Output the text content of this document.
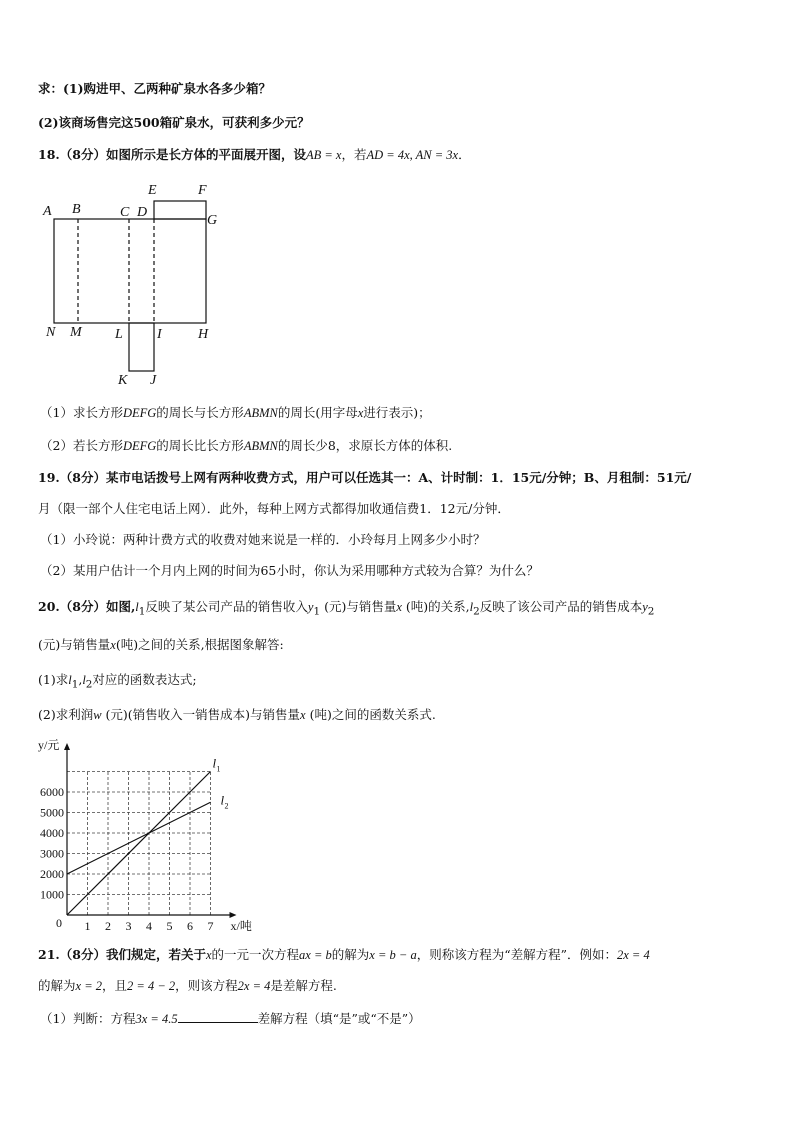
求：(1)购进甲、乙两种矿泉水各多少箱？
(2)该商场售完这500箱矿泉水，可获利多少元？
18.（8分）如图所示是长方体的平面展开图，设AB = x，若AD = 4x, AN = 3x．
A B	C D
E	F
G
H
I
J
K
L
M
N
（1）求长方形DEFG的周长与长方形ABMN的周长(用字母x进行表示)；
（2）若长方形DEFG的周长比长方形ABMN的周长少8，求原长方体的体积.
19.（8分）某市电话拨号上网有两种收费方式，用户可以任选其一：A、计时制：1．15元/分钟；B、月租制：51元/
月（限一部个人住宅电话上网）．此外，每种上网方式都得加收通信费1．12元/分钟．
（1）小玲说：两种计费方式的收费对她来说是一样的．小玲每月上网多少小时？
（2）某用户估计一个月内上网的时间为65小时，你认为采用哪种方式较为合算？为什么？
20.（8分）如图$,l_1$反映了某公司产品的销售收入$y_1$ (元)与销售量x (吨)的关系$,l_2$反映了该公司产品的销售成本$y_2$
(元)与销售量x(吨)之间的关系,根据图象解答:
(1)求$l_1,l_2$对应的函数表达式;
(2)求利润w (元)(销售收入一销售成本)与销售量x (吨)之间的函数关系式.
1 2 3 4 5 6 7
1000
2000
3000
4000
5000
6000
0	x/吨
y/元
l 1
l 2
21.（8分）我们规定，若关于x的一元一次方程ax = b的解为x = b − a，则称该方程为“差解方程”．例如：2x = 4
的解为x = 2，且2 = 4 − 2，则该方程2x = 4是差解方程.
（1）判断：方程3x = 4.5	差解方程（填“是”或“不是”）
